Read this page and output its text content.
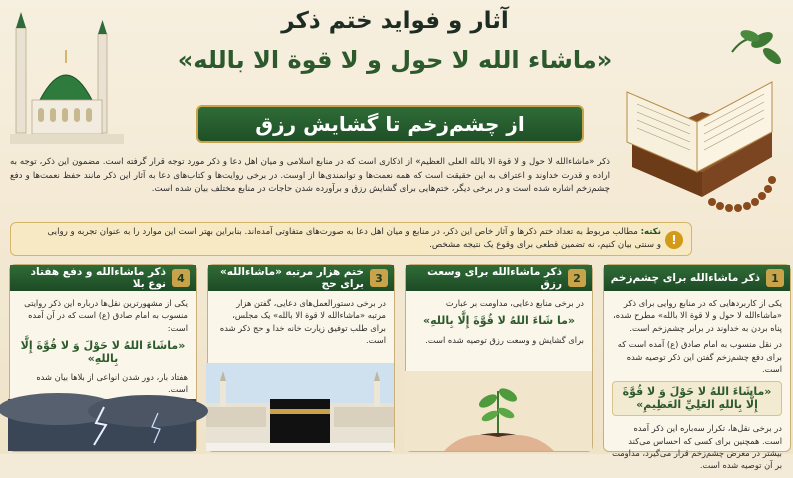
آثار و فواید ختم ذکر
«ماشاء الله لا حول و لا قوة الا بالله»
از چشم‌زخم تا گشایش رزق

ذکر «ماشاءالله لا حول و لا قوة الا بالله العلی العظیم» از اذکاری است که در منابع اسلامی و میان اهل دعا و ذکر مورد توجه قرار گرفته است. مضمون این ذکر، توجه به اراده و قدرت خداوند و اعتراف به این حقیقت است که همه نعمت‌ها و توانمندی‌ها از اوست. در برخی روایت‌ها و کتاب‌های دعا به آثار این ذکر مانند حفظ نعمت‌ها و دفع چشم‌زخم اشاره شده است و در برخی دیگر، ختم‌هایی برای گشایش رزق و برآورده شدن حاجات در منابع مختلف بیان شده است.

!
نکته: مطالب مربوط به تعداد ختم ذکرها و آثار خاص این ذکر، در منابع و میان اهل دعا به صورت‌های متفاوتی آمده‌اند. بنابراین بهتر است این موارد را به عنوان تجربه و روایی و سنتی بیان کنیم، نه تضمین قطعی برای وقوع یک نتیجه مشخص.
1
ذکر ماشاءالله برای چشم‌زخم

یکی از کاربردهایی که در منابع روایی برای ذکر «ماشاءالله لا حول و لا قوة الا بالله» مطرح شده، پناه بردن به خداوند در برابر چشم‌زخم است.

در نقل منسوب به امام صادق (ع) آمده است که برای دفع چشم‌زخم گفتن این ذکر توصیه شده است.

«ماشَاءَ اللهُ لا حَوْلَ وَ لا قُوَّةَ إِلَّا بِاللهِ العَلِيِّ العَظِيمِ»

در برخی نقل‌ها، تکرار سه‌باره این ذکر آمده است. همچنین برای کسی که احساس می‌کند بیشتر در معرض چشم‌زخم قرار می‌گیرد، مداومت بر آن توصیه شده است.

2
ذکر ماشاءالله برای وسعت رزق

در برخی منابع دعایی، مداومت بر عبارت

«ما شَاءَ اللهُ لا قُوَّةَ إِلَّا بِاللهِ»

برای گشایش و وسعت رزق توصیه شده است.

3
ختم هزار مرتبه «ماشاءالله» برای حج

در برخی دستورالعمل‌های دعایی، گفتن هزار مرتبه «ماشاءالله لا قوة الا بالله» یک مجلس، برای طلب توفیق زیارت خانه خدا و حج ذکر شده است.

4
ذکر ماشاءالله و دفع هفتاد نوع بلا

یکی از مشهورترین نقل‌ها درباره این ذکر روایتی منسوب به امام صادق (ع) است که در آن آمده است:

«ماشَاءَ اللهُ لا حَوْلَ وَ لا قُوَّةَ إِلَّا بِاللهِ»

هفتاد بار، دور شدن انواعی از بلاها بیان شده است.
